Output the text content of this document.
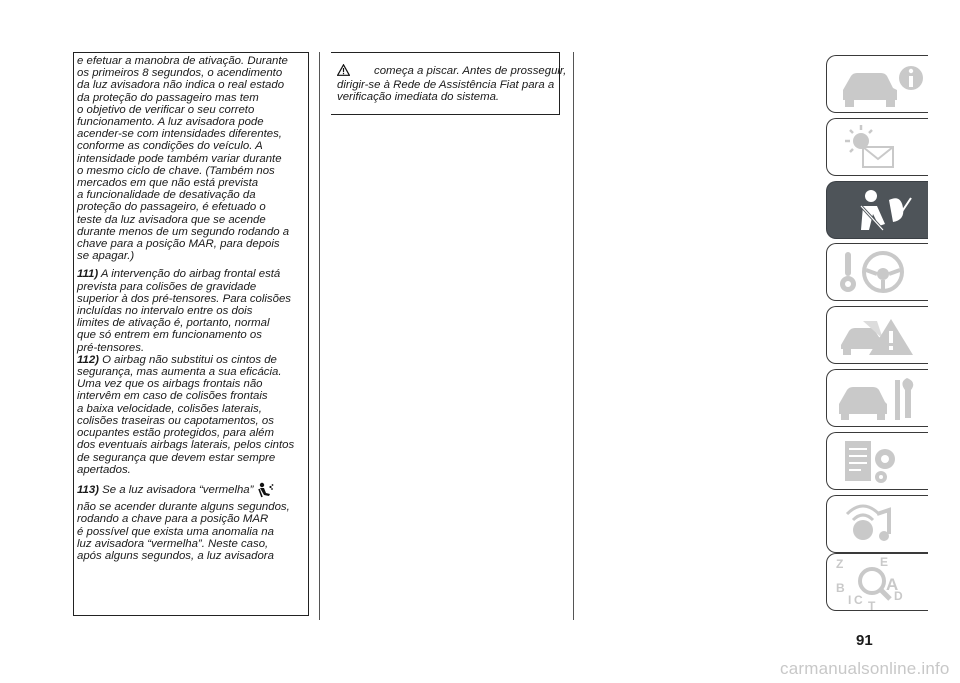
e efetuar a manobra de ativação. Durante
os primeiros 8 segundos, o acendimento
da luz avisadora não indica o real estado
da proteção do passageiro mas tem
o objetivo de verificar o seu correto
funcionamento. A luz avisadora pode
acender-se com intensidades diferentes,
conforme as condições do veículo. A
intensidade pode também variar durante
o mesmo ciclo de chave. (Também nos
mercados em que não está prevista
a funcionalidade de desativação da
proteção do passageiro, é efetuado o
teste da luz avisadora que se acende
durante menos de um segundo rodando a
chave para a posição MAR, para depois
se apagar.)
111) A intervenção do airbag frontal está
prevista para colisões de gravidade
superior à dos pré-tensores. Para colisões
incluídas no intervalo entre os dois
limites de ativação é, portanto, normal
que só entrem em funcionamento os
pré-tensores.
112) O airbag não substitui os cintos de
segurança, mas aumenta a sua eficácia.
Uma vez que os airbags frontais não
intervêm em caso de colisões frontais
a baixa velocidade, colisões laterais,
colisões traseiras ou capotamentos, os
ocupantes estão protegidos, para além
dos eventuais airbags laterais, pelos cintos
de segurança que devem estar sempre
apertados.
113) Se a luz avisadora “vermelha”
não se acender durante alguns segundos,
rodando a chave para a posição MAR
é possível que exista uma anomalia na
luz avisadora “vermelha”. Neste caso,
após alguns segundos, a luz avisadora
começa a piscar. Antes de prosseguir,
dirigir-se à Rede de Assistência Fiat para a
verificação imediata do sistema.
Z	E
B A
C T
D
I
91
carmanualsonline.info
